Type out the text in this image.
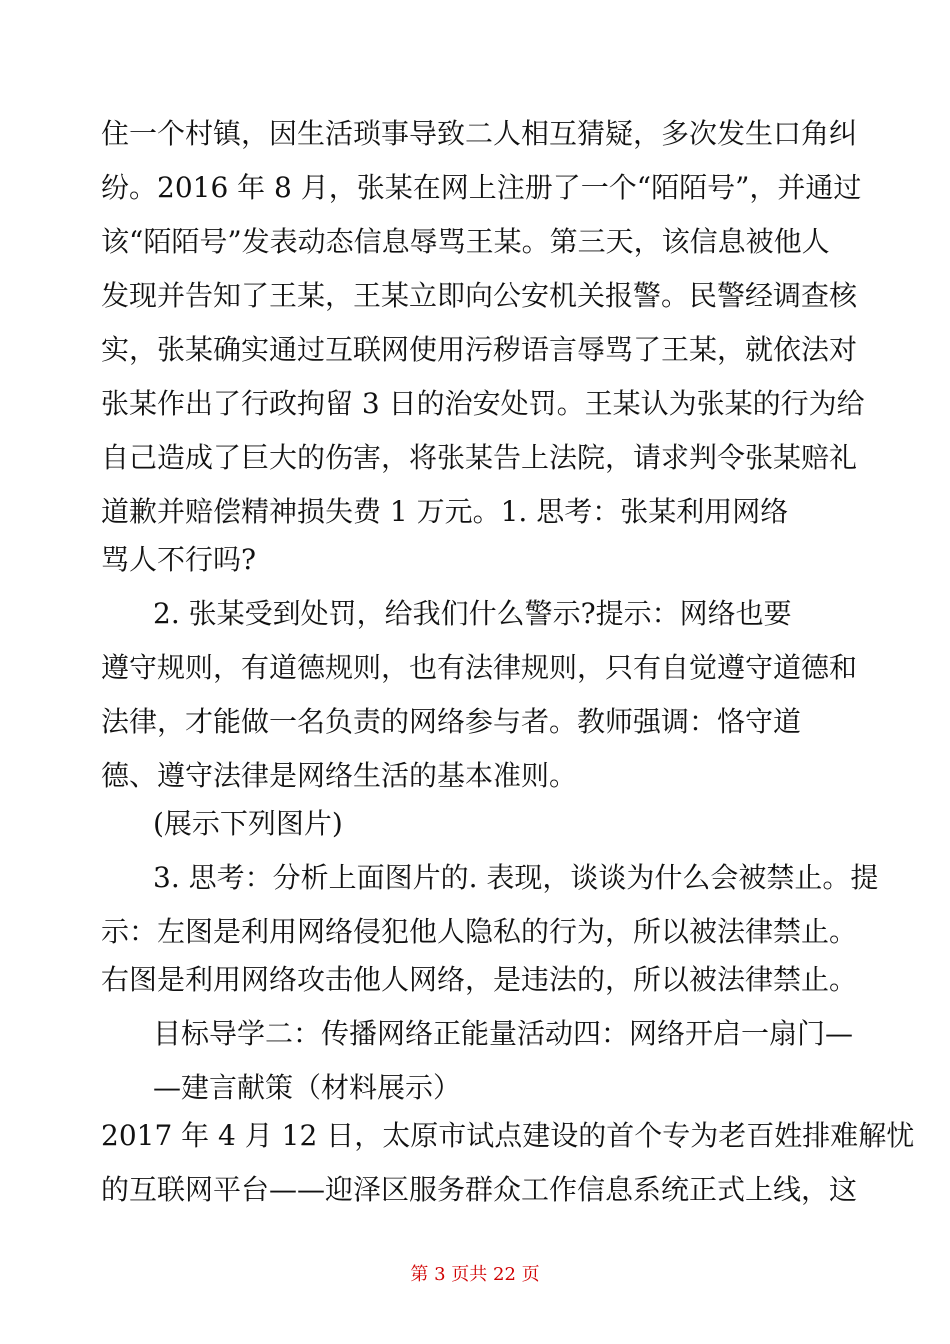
住一个村镇，因生活琐事导致二人相互猜疑，多次发生口角纠
纷。2016 年 8 月，张某在网上注册了一个“陌陌号”，并通过
该“陌陌号”发表动态信息辱骂王某。第三天，该信息被他人
发现并告知了王某，王某立即向公安机关报警。民警经调查核
实，张某确实通过互联网使用污秽语言辱骂了王某，就依法对
张某作出了行政拘留 3 日的治安处罚。王某认为张某的行为给
自己造成了巨大的伤害，将张某告上法院，请求判令张某赔礼
道歉并赔偿精神损失费 1 万元。1. 思考：张某利用网络
骂人不行吗?
2. 张某受到处罚，给我们什么警示?提示：网络也要
遵守规则，有道德规则，也有法律规则，只有自觉遵守道德和
法律，才能做一名负责的网络参与者。教师强调：恪守道
德、遵守法律是网络生活的基本准则。
(展示下列图片)
3. 思考：分析上面图片的. 表现，谈谈为什么会被禁止。提
示：左图是利用网络侵犯他人隐私的行为，所以被法律禁止。
右图是利用网络攻击他人网络，是违法的，所以被法律禁止。
目标导学二：传播网络正能量活动四：网络开启一扇门—
—建言献策（材料展示）
2017 年 4 月 12 日，太原市试点建设的首个专为老百姓排难解忧
的互联网平台——迎泽区服务群众工作信息系统正式上线，这
第 3 页共 22 页
